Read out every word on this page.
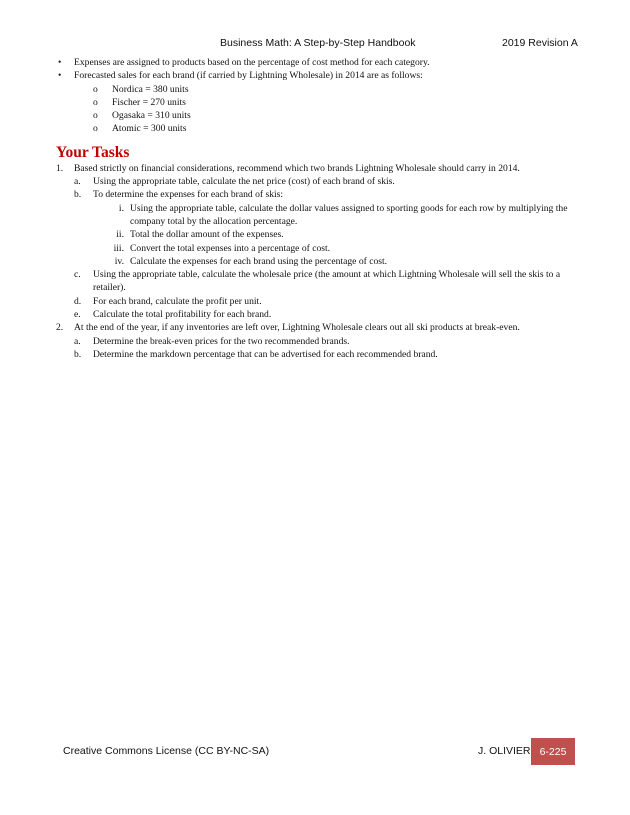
Business Math: A Step-by-Step Handbook	2019 Revision A
• Expenses are assigned to products based on the percentage of cost method for each category.
• Forecasted sales for each brand (if carried by Lightning Wholesale) in 2014 are as follows:
o Nordica = 380 units
o Fischer = 270 units
o Ogasaka = 310 units
o Atomic = 300 units
Your Tasks
1. Based strictly on financial considerations, recommend which two brands Lightning Wholesale should carry in 2014.
a. Using the appropriate table, calculate the net price (cost) of each brand of skis.
b. To determine the expenses for each brand of skis:
i. Using the appropriate table, calculate the dollar values assigned to sporting goods for each row by multiplying the company total by the allocation percentage.
ii. Total the dollar amount of the expenses.
iii. Convert the total expenses into a percentage of cost.
iv. Calculate the expenses for each brand using the percentage of cost.
c. Using the appropriate table, calculate the wholesale price (the amount at which Lightning Wholesale will sell the skis to a retailer).
d. For each brand, calculate the profit per unit.
e. Calculate the total profitability for each brand.
2. At the end of the year, if any inventories are left over, Lightning Wholesale clears out all ski products at break-even.
a. Determine the break-even prices for the two recommended brands.
b. Determine the markdown percentage that can be advertised for each recommended brand.
Creative Commons License (CC BY-NC-SA)	J. OLIVIER 6-225
